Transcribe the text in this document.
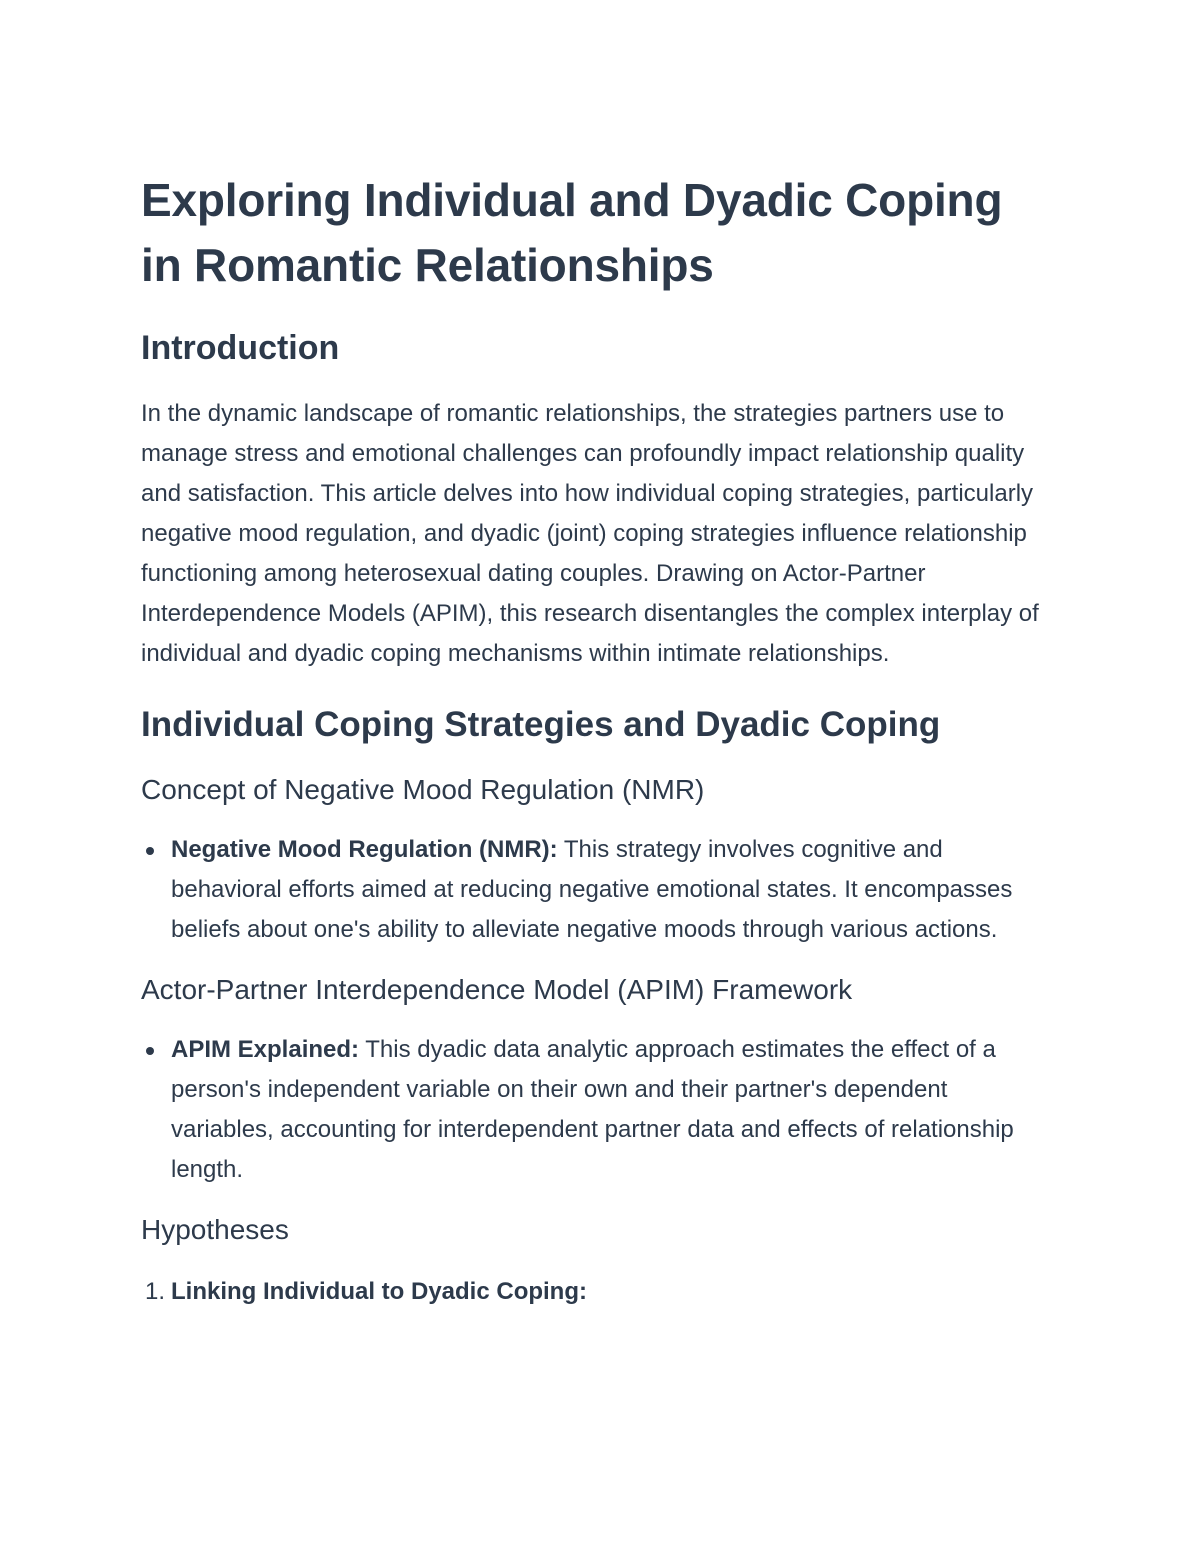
Exploring Individual and Dyadic Coping in Romantic Relationships
Introduction

In the dynamic landscape of romantic relationships, the strategies partners use to manage stress and emotional challenges can profoundly impact relationship quality and satisfaction. This article delves into how individual coping strategies, particularly negative mood regulation, and dyadic (joint) coping strategies influence relationship functioning among heterosexual dating couples. Drawing on Actor-Partner Interdependence Models (APIM), this research disentangles the complex interplay of individual and dyadic coping mechanisms within intimate relationships.

Individual Coping Strategies and Dyadic Coping
Concept of Negative Mood Regulation (NMR)
Negative Mood Regulation (NMR): This strategy involves cognitive and behavioral efforts aimed at reducing negative emotional states. It encompasses beliefs about one's ability to alleviate negative moods through various actions.
Actor-Partner Interdependence Model (APIM) Framework
APIM Explained: This dyadic data analytic approach estimates the effect of a person's independent variable on their own and their partner's dependent variables, accounting for interdependent partner data and effects of relationship length.
Hypotheses
1. Linking Individual to Dyadic Coping:
